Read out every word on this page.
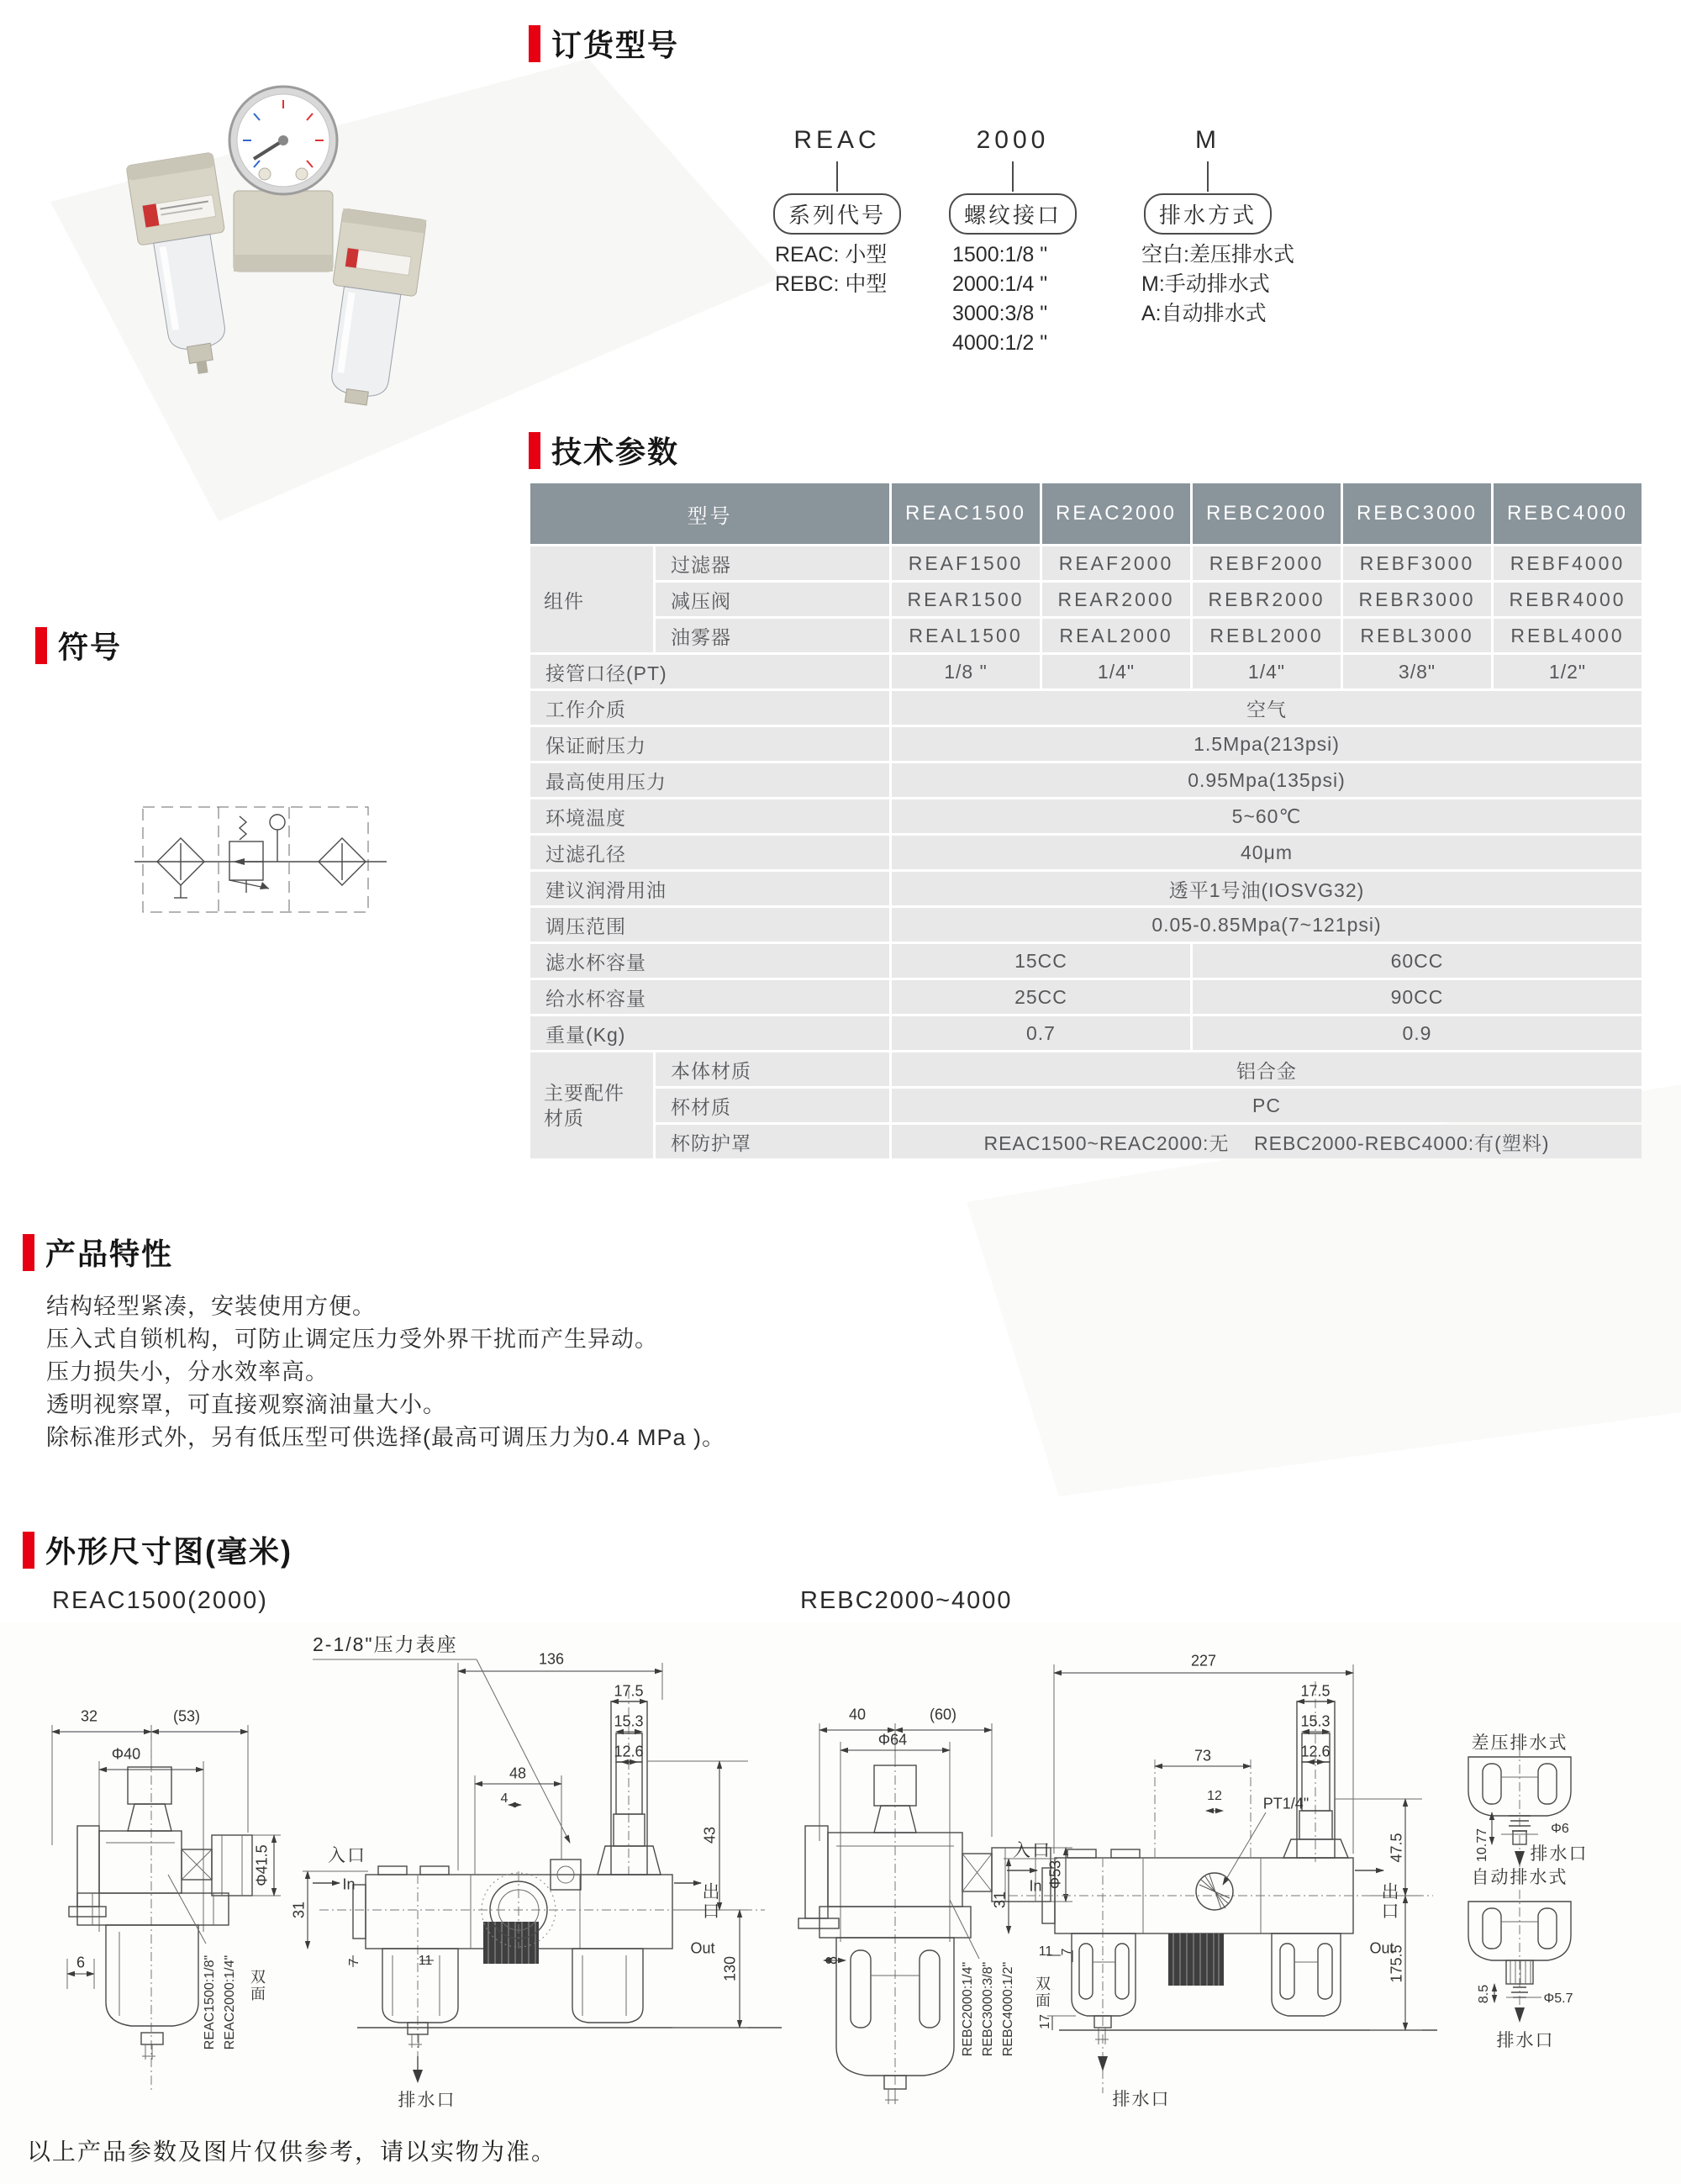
订货型号
REAC	2000	M
系列代号	螺纹接口	排水方式
REAC: 小型
REBC: 中型
1500:1/8 "
2000:1/4 "
3000:3/8 "
4000:1/2 "
空白:差压排水式
M:手动排水式
A:自动排水式
符号
技术参数
型号		REAC1500	REAC2000	REBC2000	REBC3000	REBC4000
组件	过滤器	REAF1500	REAF2000	REBF2000	REBF3000	REBF4000
	减压阀	REAR1500	REAR2000	REBR2000	REBR3000	REBR4000
	油雾器	REAL1500	REAL2000	REBL2000	REBL3000	REBL4000
接管口径(PT)		1/8 "	1/4"	1/4"	3/8"	1/2"
工作介质		空气				
保证耐压力		1.5Mpa(213psi)				
最高使用压力		0.95Mpa(135psi)				
环境温度		5~60℃				
过滤孔径		40μm				
建议润滑用油		透平1号油(IOSVG32)				
调压范围		0.05-0.85Mpa(7~121psi)				
滤水杯容量		15CC		60CC		
给水杯容量		25CC		90CC		
重量(Kg)		0.7		0.9		
主要配件 材质	本体材质	铝合金				
	杯材质	PC				
	杯防护罩	REAC1500~REAC2000:无    REBC2000-REBC4000:有(塑料)				
产品特性
结构轻型紧凑，安装使用方便。
压入式自锁机构，可防止调定压力受外界干扰而产生异动。
压力损失小，分水效率高。
透明视察罩，可直接观察滴油量大小。
除标准形式外，另有低压型可供选择(最高可调压力为0.4 MPa )。
外形尺寸图(毫米)
REAC1500(2000)	REBC2000~4000
2-1/8"压力表座
32	(53)
Φ40
Φ41.5
6	REAC1500:1/8" REAC2000:1/4" 双面
136
17.5
15.3
12.6
48
4
43
130
入口
In	出口
Out
31
7	11
排水口
40	(60)
Φ64
Φ53
8
REBC2000:1/4" REBC3000:3/8" REBC4000:1/2" 双面
227
73
12	PT1/4"
17.5
15.3
12.6
47.5
175.5
入口
In	出口
Out
31
11 7
17
排水口
差压排水式
10.77	Φ6
排水口
自动排水式
8.5	Φ5.7
排水口
以上产品参数及图片仅供参考，请以实物为准。
